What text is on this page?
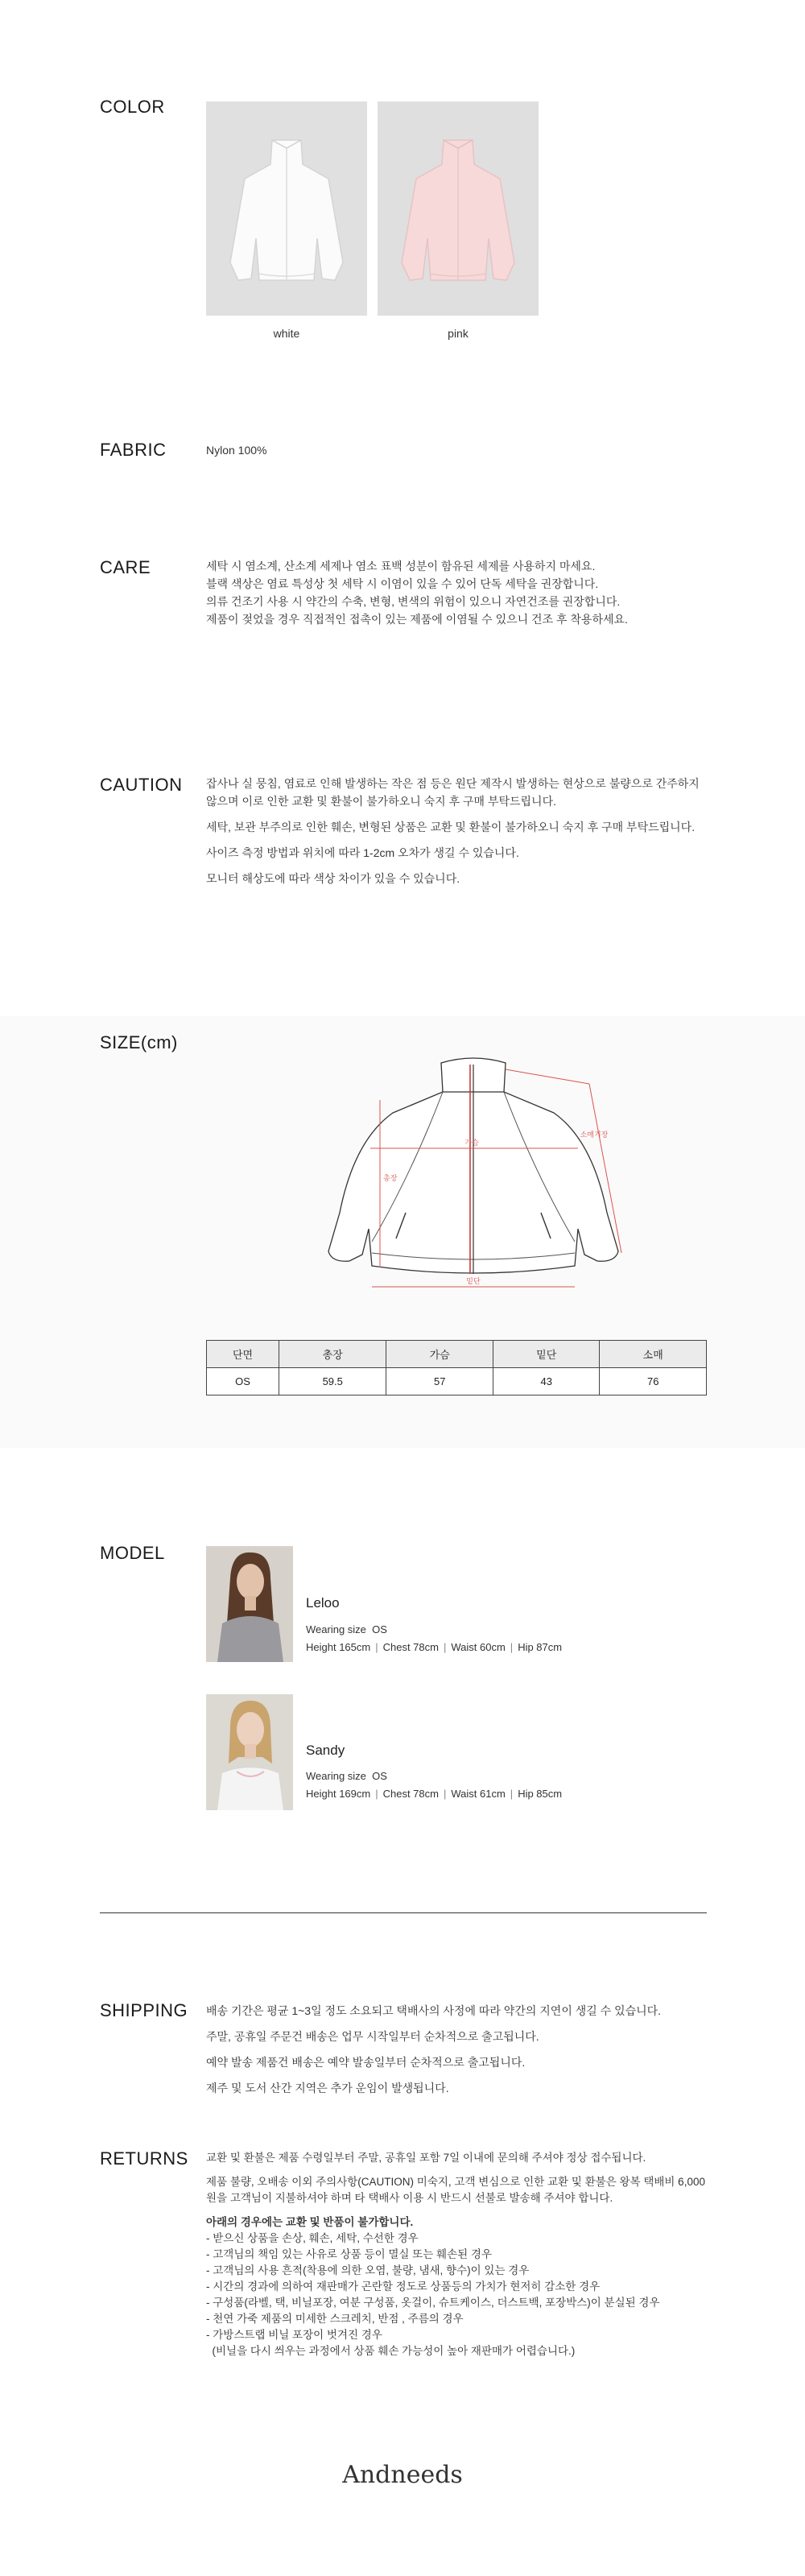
COLOR
white	pink
FABRIC	Nylon 100%
CARE	세탁 시 염소계, 산소계 세제나 염소 표백 성분이 함유된 세제를 사용하지 마세요.
블랙 색상은 염료 특성상 첫 세탁 시 이염이 있을 수 있어 단독 세탁을 권장합니다.
의류 건조기 사용 시 약간의 수축, 변형, 변색의 위험이 있으니 자연건조를 권장합니다.
제품이 젖었을 경우 직접적인 접촉이 있는 제품에 이염될 수 있으니 건조 후 착용하세요.
CAUTION 잡사나 실 뭉침, 염료로 인해 발생하는 작은 점 등은 원단 제작시 발생하는 현상으로 불량으로 간주하지 않으며 이로 인한 교환 및 환불이 불가하오니 숙지 후 구매 부탁드립니다.
세탁, 보관 부주의로 인한 훼손, 변형된 상품은 교환 및 환불이 불가하오니 숙지 후 구매 부탁드립니다.
사이즈 측정 방법과 위치에 따라 1-2cm 오차가 생길 수 있습니다.
모니터 해상도에 따라 색상 차이가 있을 수 있습니다.
SIZE(cm)
가슴
총장
밑단
소매기장
단면	총장	가슴	밑단	소매
OS	59.5	57	43	76
MODEL
Leloo
Wearing size OS
Height 165cm | Chest 78cm | Waist 60cm | Hip 87cm
Sandy
Wearing size OS
Height 169cm | Chest 78cm | Waist 61cm | Hip 85cm
SHIPPING 배송 기간은 평균 1~3일 정도 소요되고 택배사의 사정에 따라 약간의 지연이 생길 수 있습니다.
주말, 공휴일 주문건 배송은 업무 시작일부터 순차적으로 출고됩니다.
예약 발송 제품건 배송은 예약 발송일부터 순차적으로 출고됩니다.
제주 및 도서 산간 지역은 추가 운임이 발생됩니다.
RETURNS 교환 및 환불은 제품 수령일부터 주말, 공휴일 포함 7일 이내에 문의해 주셔야 정상 접수됩니다.
제품 불량, 오배송 이외 주의사항(CAUTION) 미숙지, 고객 변심으로 인한 교환 및 환불은 왕복 택배비 6,000원을 고객님이 지불하셔야 하며 타 택배사 이용 시 반드시 선불로 발송해 주셔야 합니다.
아래의 경우에는 교환 및 반품이 불가합니다.
- 받으신 상품을 손상, 훼손, 세탁, 수선한 경우
- 고객님의 책임 있는 사유로 상품 등이 멸실 또는 훼손된 경우
- 고객님의 사용 흔적(착용에 의한 오염, 불량, 냄새, 향수)이 있는 경우
- 시간의 경과에 의하여 재판매가 곤란할 정도로 상품등의 가치가 현저히 감소한 경우
- 구성품(라벨, 택, 비닐포장, 여분 구성품, 옷걸이, 슈트케이스, 더스트백, 포장박스)이 분실된 경우
- 천연 가죽 제품의 미세한 스크레치, 반점 , 주름의 경우
- 가방스트랩 비닐 포장이 벗겨진 경우
(비닐을 다시 씌우는 과정에서 상품 훼손 가능성이 높아 재판매가 어렵습니다.)
Andneeds
